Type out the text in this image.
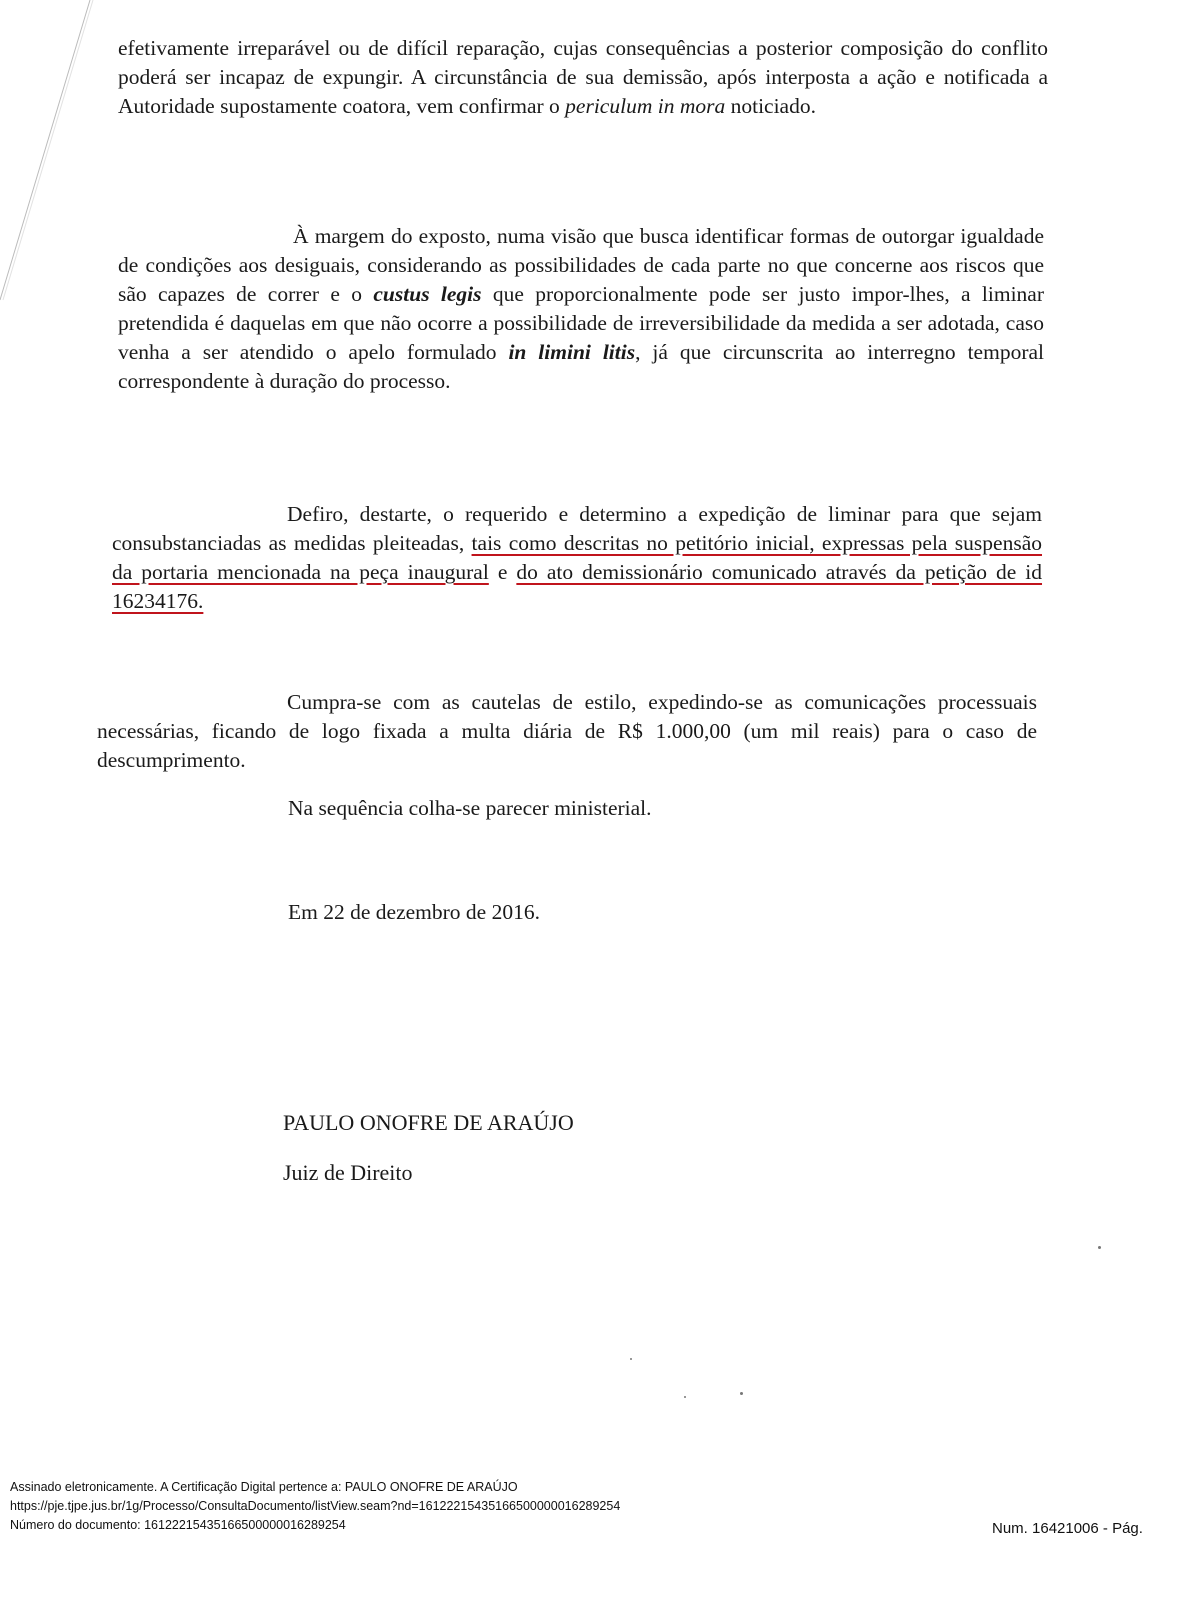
efetivamente irreparável ou de difícil reparação, cujas consequências a posterior composição do conflito poderá ser incapaz de expungir. A circunstância de sua demissão, após interposta a ação e notificada a Autoridade supostamente coatora, vem confirmar o periculum in mora noticiado.

À margem do exposto, numa visão que busca identificar formas de outorgar igualdade de condições aos desiguais, considerando as possibilidades de cada parte no que concerne aos riscos que são capazes de correr e o custus legis que proporcionalmente pode ser justo impor-lhes, a liminar pretendida é daquelas em que não ocorre a possibilidade de irreversibilidade da medida a ser adotada, caso venha a ser atendido o apelo formulado in limini litis, já que circunscrita ao interregno temporal correspondente à duração do processo.

Defiro, destarte, o requerido e determino a expedição de liminar para que sejam consubstanciadas as medidas pleiteadas, tais como descritas no petitório inicial, expressas pela suspensão da portaria mencionada na peça inaugural e do ato demissionário comunicado através da petição de id 16234176.

Cumpra-se com as cautelas de estilo, expedindo-se as comunicações processuais necessárias, ficando de logo fixada a multa diária de R$ 1.000,00 (um mil reais) para o caso de descumprimento.

Na sequência colha-se parecer ministerial.

Em 22 de dezembro de 2016.

PAULO ONOFRE DE ARAÚJO

Juiz de Direito

Assinado eletronicamente. A Certificação Digital pertence a: PAULO ONOFRE DE ARAÚJO
https://pje.tjpe.jus.br/1g/Processo/ConsultaDocumento/listView.seam?nd=16122215435166500000016289254
Número do documento: 16122215435166500000016289254	Num. 16421006 - Pág.
